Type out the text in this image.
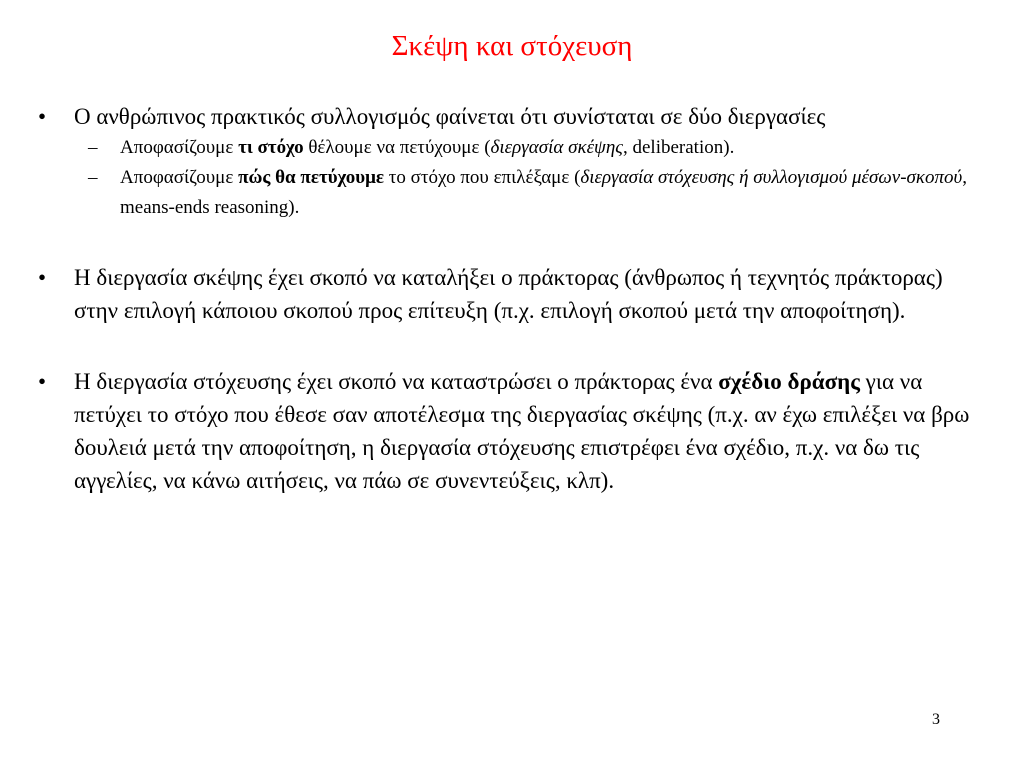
Σκέψη και στόχευση
•	Ο ανθρώπινος πρακτικός συλλογισμός φαίνεται ότι συνίσταται σε δύο διεργασίες
– Αποφασίζουμε τι στόχο θέλουμε να πετύχουμε (διεργασία σκέψης, deliberation).
– Αποφασίζουμε πώς θα πετύχουμε το στόχο που επιλέξαμε (διεργασία στόχευσης ή συλλογισμού μέσων-σκοπού, means-ends reasoning).
•	Η διεργασία σκέψης έχει σκοπό να καταλήξει ο πράκτορας (άνθρωπος ή τεχνητός πράκτορας) στην επιλογή κάποιου σκοπού προς επίτευξη (π.χ. επιλογή σκοπού μετά την αποφοίτηση).
•	Η διεργασία στόχευσης έχει σκοπό να καταστρώσει ο πράκτορας ένα σχέδιο δράσης για να πετύχει το στόχο που έθεσε σαν αποτέλεσμα της διεργασίας σκέψης (π.χ. αν έχω επιλέξει να βρω δουλειά μετά την αποφοίτηση, η διεργασία στόχευσης επιστρέφει ένα σχέδιο, π.χ. να δω τις αγγελίες, να κάνω αιτήσεις, να πάω σε συνεντεύξεις, κλπ).
3
